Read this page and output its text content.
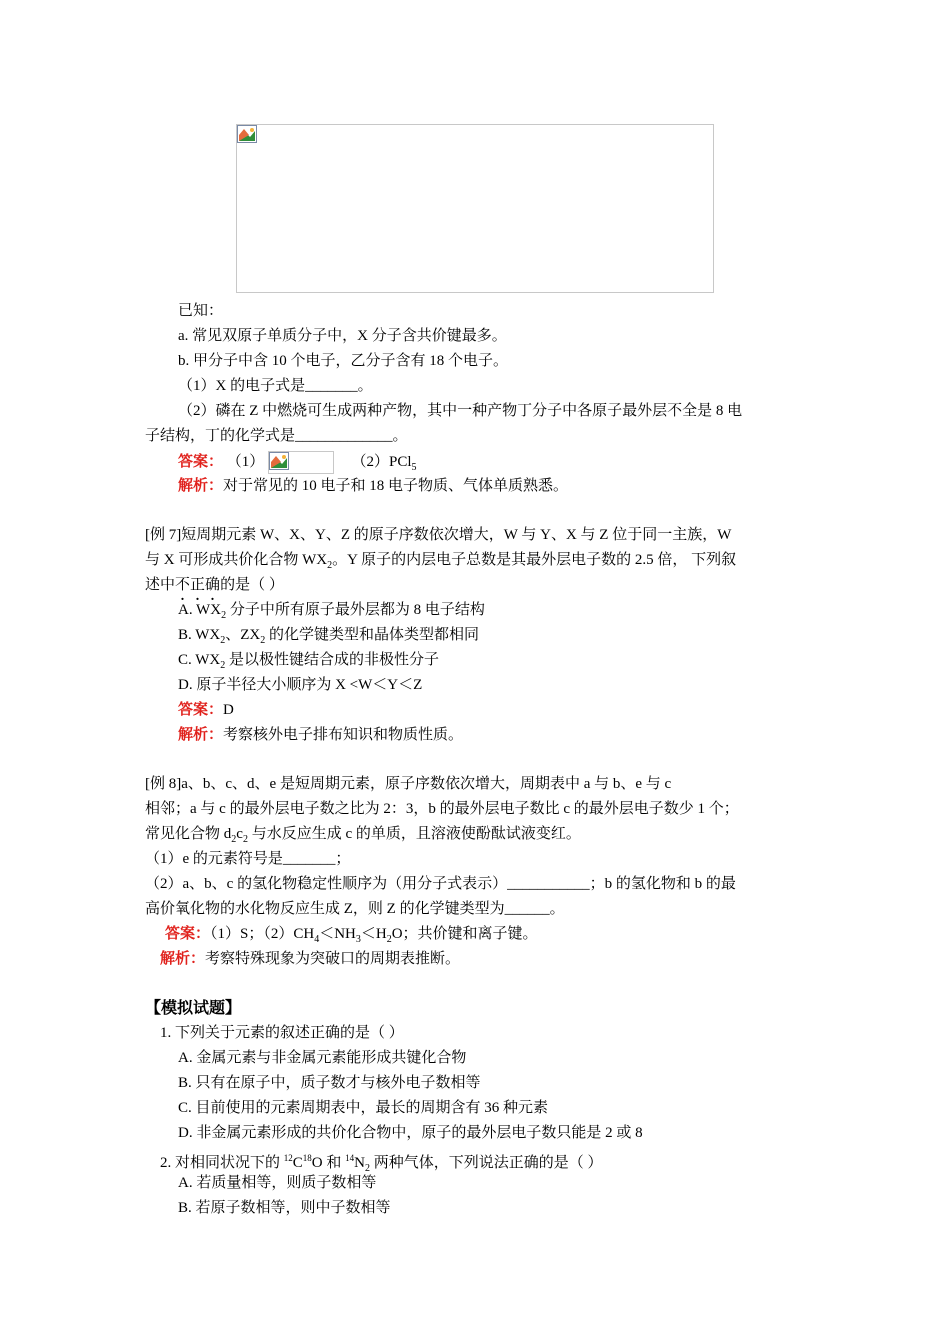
已知：
a. 常见双原子单质分子中，X 分子含共价键最多。
b. 甲分子中含 10 个电子，乙分子含有 18 个电子。
（1）X 的电子式是_______。
（2）磷在 Z 中燃烧可生成两种产物，其中一种产物丁分子中各原子最外层不全是 8 电
子结构，丁的化学式是_____________。
答案： （1）	（2）PCl$_5$
解析：对于常见的 10 电子和 18 电子物质、气体单质熟悉。
[例 7]短周期元素 W、X、Y、Z 的原子序数依次增大，W 与 Y、X 与 Z 位于同一主族，W
与 X 可形成共价化合物 $WX_2$。Y 原子的内层电子总数是其最外层电子数的 2.5 倍， 下列叙
述中不正确的是（ ）
A. $WX_2$ 分子中所有原子最外层都为 8 电子结构
B. $WX_2$、$ZX_2$ 的化学键类型和晶体类型都相同
C. $WX_2$ 是以极性键结合成的非极性分子
D. 原子半径大小顺序为 X <W＜Y＜Z
答案：D
解析：考察核外电子排布知识和物质性质。
[例 8]a、b、c、d、e 是短周期元素，原子序数依次增大，周期表中 a 与 b、e 与 c
相邻；a 与 c 的最外层电子数之比为 2：3，b 的最外层电子数比 c 的最外层电子数少 1 个；
常见化合物 $d_2c_2$ 与水反应生成 c 的单质，且溶液使酚酞试液变红。
（1）e 的元素符号是_______；
（2）a、b、c 的氢化物稳定性顺序为（用分子式表示）___________；b 的氢化物和 b 的最
高价氧化物的水化物反应生成 Z，则 Z 的化学键类型为______。
答案：（1）S；$(2)CH_4<NH_3<H_2O$；共价键和离子键。
解析：考察特殊现象为突破口的周期表推断。
【模拟试题】
1. 下列关于元素的叙述正确的是（ ）
A. 金属元素与非金属元素能形成共键化合物
B. 只有在原子中，质子数才与核外电子数相等
C. 目前使用的元素周期表中，最长的周期含有 36 种元素
D. 非金属元素形成的共价化合物中，原子的最外层电子数只能是 2 或 8
2. 对相同状况下的 $^{12}C^{18}O$ 和 $^{14}N_2$ 两种气体，下列说法正确的是（ ）
A. 若质量相等，则质子数相等
B. 若原子数相等，则中子数相等
